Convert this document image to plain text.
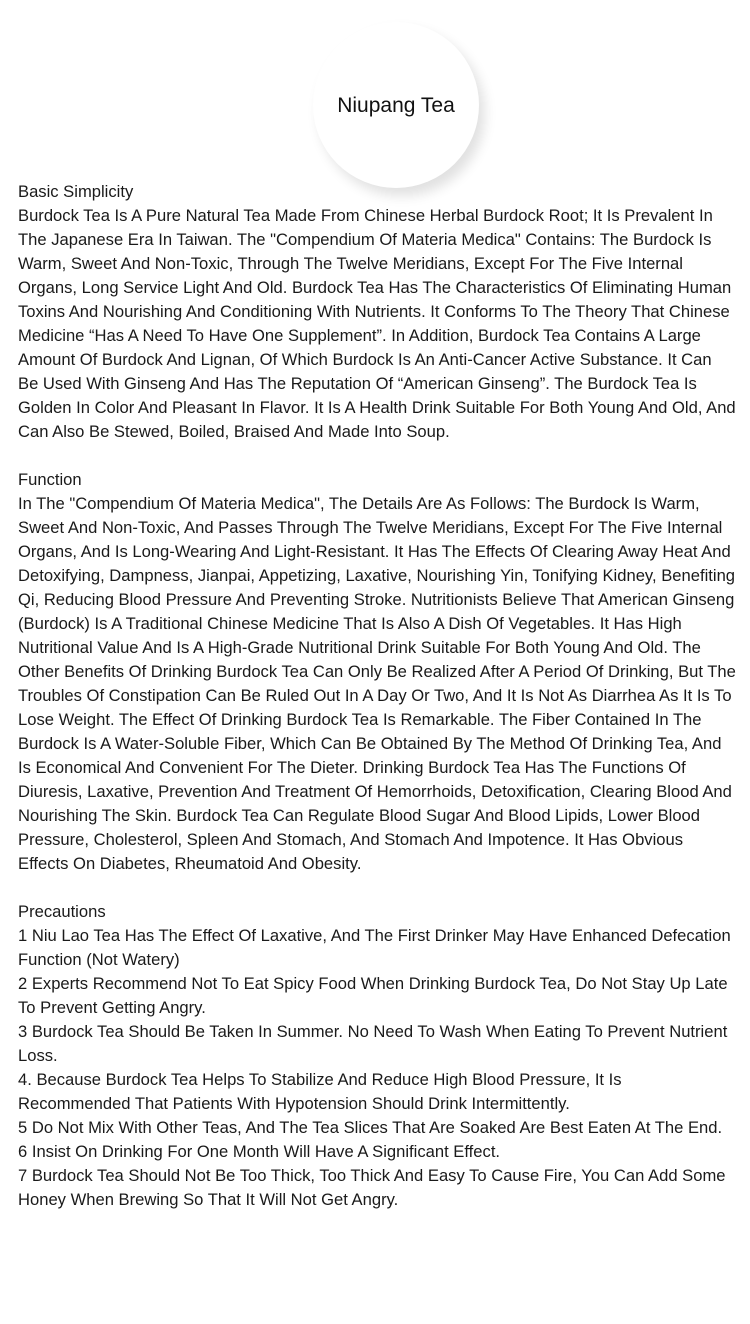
Niupang Tea
Basic Simplicity
Burdock Tea Is A Pure Natural Tea Made From Chinese Herbal Burdock Root; It Is Prevalent In The Japanese Era In Taiwan. The "Compendium Of Materia Medica" Contains: The Burdock Is Warm, Sweet And Non-Toxic, Through The Twelve Meridians, Except For The Five Internal Organs, Long Service Light And Old. Burdock Tea Has The Characteristics Of Eliminating Human Toxins And Nourishing And Conditioning With Nutrients. It Conforms To The Theory That Chinese Medicine “Has A Need To Have One Supplement”. In Addition, Burdock Tea Contains A Large Amount Of Burdock And Lignan, Of Which Burdock Is An Anti-Cancer Active Substance. It Can Be Used With Ginseng And Has The Reputation Of “American Ginseng”. The Burdock Tea Is Golden In Color And Pleasant In Flavor. It Is A Health Drink Suitable For Both Young And Old, And Can Also Be Stewed, Boiled, Braised And Made Into Soup.
Function
In The "Compendium Of Materia Medica", The Details Are As Follows: The Burdock Is Warm, Sweet And Non-Toxic, And Passes Through The Twelve Meridians, Except For The Five Internal Organs, And Is Long-Wearing And Light-Resistant. It Has The Effects Of Clearing Away Heat And Detoxifying, Dampness, Jianpai, Appetizing, Laxative, Nourishing Yin, Tonifying Kidney, Benefiting Qi, Reducing Blood Pressure And Preventing Stroke. Nutritionists Believe That American Ginseng (Burdock) Is A Traditional Chinese Medicine That Is Also A Dish Of Vegetables. It Has High Nutritional Value And Is A High-Grade Nutritional Drink Suitable For Both Young And Old. The Other Benefits Of Drinking Burdock Tea Can Only Be Realized After A Period Of Drinking, But The Troubles Of Constipation Can Be Ruled Out In A Day Or Two, And It Is Not As Diarrhea As It Is To Lose Weight. The Effect Of Drinking Burdock Tea Is Remarkable. The Fiber Contained In The Burdock Is A Water-Soluble Fiber, Which Can Be Obtained By The Method Of Drinking Tea, And Is Economical And Convenient For The Dieter. Drinking Burdock Tea Has The Functions Of Diuresis, Laxative, Prevention And Treatment Of Hemorrhoids, Detoxification, Clearing Blood And Nourishing The Skin. Burdock Tea Can Regulate Blood Sugar And Blood Lipids, Lower Blood Pressure, Cholesterol, Spleen And Stomach, And Stomach And Impotence. It Has Obvious Effects On Diabetes, Rheumatoid And Obesity.
Precautions
1 Niu Lao Tea Has The Effect Of Laxative, And The First Drinker May Have Enhanced Defecation Function (Not Watery)
2 Experts Recommend Not To Eat Spicy Food When Drinking Burdock Tea, Do Not Stay Up Late To Prevent Getting Angry.
3 Burdock Tea Should Be Taken In Summer. No Need To Wash When Eating To Prevent Nutrient Loss.
4. Because Burdock Tea Helps To Stabilize And Reduce High Blood Pressure, It Is Recommended That Patients With Hypotension Should Drink Intermittently.
5 Do Not Mix With Other Teas, And The Tea Slices That Are Soaked Are Best Eaten At The End.
6 Insist On Drinking For One Month Will Have A Significant Effect.
7 Burdock Tea Should Not Be Too Thick, Too Thick And Easy To Cause Fire, You Can Add Some Honey When Brewing So That It Will Not Get Angry.
